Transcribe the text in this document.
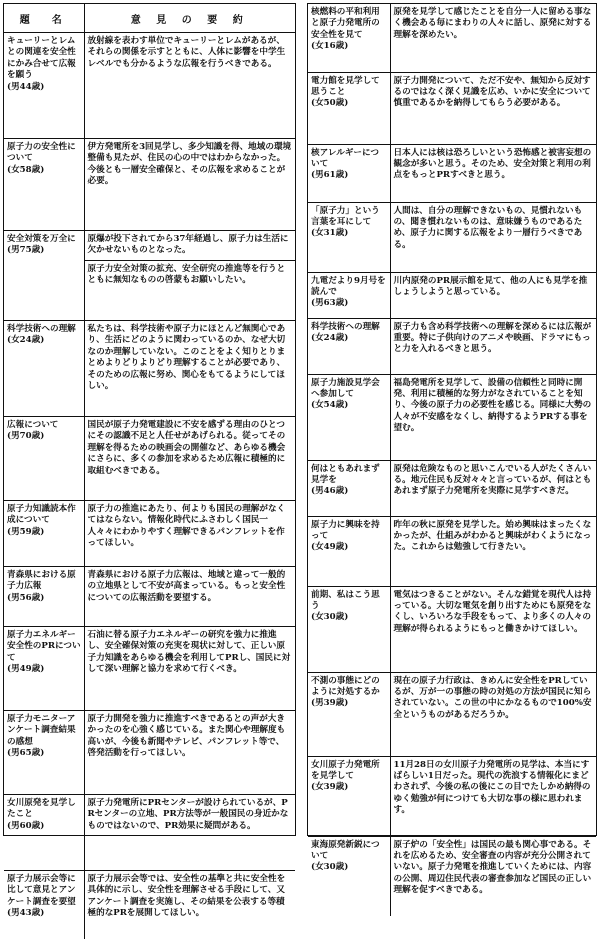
題　名	意 見 の 要 約

キューリーとレムとの関連を安全性にかみ合せて広報を願う
(男44歳)	放射線を表わす単位でキューリーとレムがあるが、それらの関係を示すとともに、人体に影響を中学生レベルでも分かるような広報を行うべきである。

原子力の安全性について
(女58歳)	伊方発電所を3回見学し、多少知識を得、地域の環境整備も見たが、住民の心の中ではわからなかった。今後とも一層安全確保と、その広報を求めることが必要。

安全対策を万全に
(男75歳)	原爆が投下されてから37年経過し、原子力は生活に欠かせないものとなった。

	原子力安全対策の拡充、安全研究の推進等を行うとともに無知なものの啓蒙もお願いしたい。

科学技術への理解
(女24歳)	私たちは、科学技術や原子力にほとんど無関心であり、生活にどのように関わっているのか、なぜ大切なのか理解していない。このことをよく知りとりまとめよりどりよりどり理解することが必要であり、そのための広報に努め、関心をもてるようにしてほしい。

広報について
(男70歳)	国民が原子力発電建設に不安を感ずる理由のひとつにその認識不足と人任せがあげられる。従ってその理解を得るための映画会の開催など、あらゆる機会にさらに、多くの参加を求めるため広報に積極的に取組むべきである。

原子力知識読本作成について
(男59歳)	原子力の推進にあたり、何よりも国民の理解がなくてはならない。情報化時代にふさわしく国民一人々々にわかりやすく理解できるパンフレットを作ってほしい。

青森県における原子力広報
(男56歳)	青森県における原子力広報は、地域と違って一般的の立地県として不安が高まっている。もっと安全性についての広報活動を要望する。

原子力エネルギー安全性のPRについて
(男49歳)	石油に替る原子力エネルギーの研究を強力に推進し、安全確保対策の充実を現状に対して、正しい原子力知識をあらゆる機会を利用してPRし、国民に対して深い理解と協力を求めて行くべき。

原子力モニターアンケート調査結果の感想
(男65歳)	原子力開発を強力に推進すべきであるとの声が大きかったのを心強く感じている。また関心や理解度も高いが、今後も新聞やテレビ、パンフレット等で、啓発活動を行ってほしい。

女川原発を見学したこと
(男60歳)	原子力発電所にPRセンターが設けられているが、PRセンターの立地、PR方法等が一般国民の身近かなものではないので、PR効果に疑問がある。

原子力展示会等に比して意見とアンケート調査を要望
(男43歳)	原子力展示会等では、安全性の基準と共に安全性を具体的に示し、安全性を理解させる手段にして、又アンケート調査を実施し、その結果を公表する等積極的なPRを展開してほしい。
核燃料の平和利用と原子力発電所の安全性を見て
(女16歳)	原発を見学して感じたことを自分一人に留める事なく機会ある毎にまわりの人々に話し、原発に対する理解を深めたい。

電力館を見学して思うこと
(女50歳)	原子力開発について、ただ不安や、無知から反対するのではなく深く見識を広め、いかに安全について慎重であるかを納得してもらう必要がある。

核アレルギーについて
(男61歳)	日本人には核は恐ろしいという恐怖感と被害妄想の観念が多いと思う。そのため、安全対策と利用の利点をもっとPRすべきと思う。

「原子力」という言葉を耳にして
(女31歳)	人間は、自分の理解できないもの、見慣れないもの、聞き慣れないものは、意味嫌うものであるため、原子力に関する広報をより一層行うべきである。

九電だより9月号を読んで
(男63歳)	川内原発のPR展示館を見て、他の人にも見学を推しょうしようと思っている。

科学技術への理解
(女24歳)	原子力も含め科学技術への理解を深めるには広報が重要。特に子供向けのアニメや映画、ドラマにもっと力を入れるべきと思う。

原子力施設見学会へ参加して
(女54歳)	福島発電所を見学して、設備の信頼性と同時に開発、利用に積極的な努力がなされていることを知り、今後の原子力の必要性を感じる。同様に大勢の人々が不安感をなくし、納得するようPRする事を望む。

何はともあれまず見学を
(男46歳)	原発は危険なものと思いこんでいる人がたくさんいる。地元住民も反対々々と言っているが、何はともあれまず原子力発電所を実際に見学すべきだ。

原子力に興味を持って
(女49歳)	昨年の秋に原発を見学した。始め興味はまったくなかったが、仕組みがわかると興味がわくようになった。これからは勉強して行きたい。

前期、私はこう思う
(女30歳)	電気はつきることがない。そんな錯覚を現代人は持っている。大切な電気を創り出すためにも原発をなくし、いろいろな手段をもって、より多くの人々の理解が得られるようにもっと働きかけてほしい。

不測の事態にどのように対処するか
(男39歳)	現在の原子力行政は、きめんに安全性をPRしているが、万が一の事態の時の対処の方法が国民に知らされていない。この世の中にかなるもので100%安全というものがあるだろうか。

女川原子力発電所を見学して
(女39歳)	11月28日の女川原子力発電所の見学は、本当にすばらしい1日だった。現代の洗浪する情報化にまどわされず、今後の私の後にこの目でたしかめ納得のゆく勉強が何につけても大切な事の様に思われます。

東海原発新鋭について
(女30歳)	原子炉の「安全性」は国民の最も関心事である。それを広めるため、安全審査の内容が充分公開されていない。原子力発電を推進していくためには、内容の公開、周辺住民代表の審査参加など国民の正しい理解を促すべきである。
